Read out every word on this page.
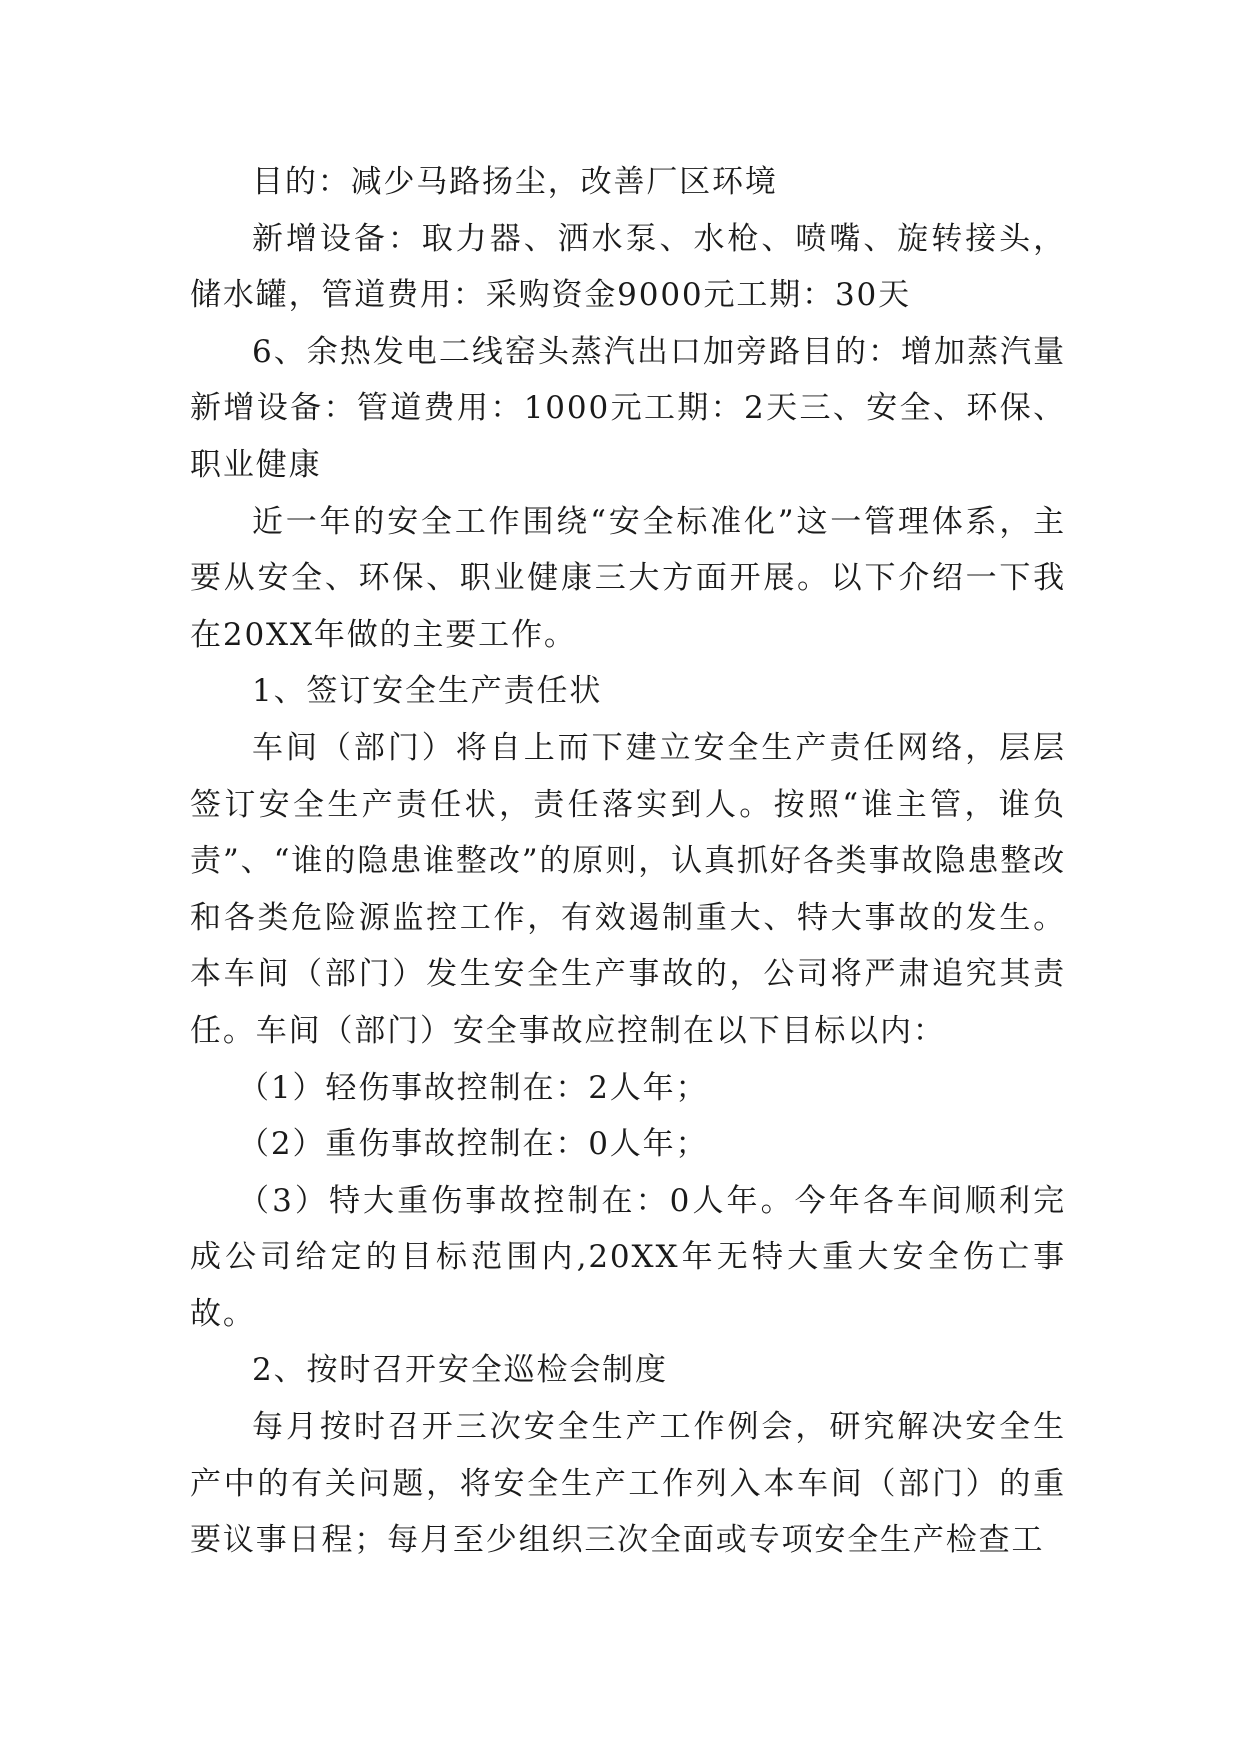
目的：减少马路扬尘，改善厂区环境

新增设备：取力器、洒水泵、水枪、喷嘴、旋转接头，储水罐，管道费用：采购资金9000元工期：30天

6、余热发电二线窑头蒸汽出口加旁路目的：增加蒸汽量新增设备：管道费用：1000元工期：2天三、安全、环保、职业健康

近一年的安全工作围绕“安全标准化”这一管理体系，主要从安全、环保、职业健康三大方面开展。以下介绍一下我在20XX年做的主要工作。

1、签订安全生产责任状

车间（部门）将自上而下建立安全生产责任网络，层层签订安全生产责任状，责任落实到人。按照“谁主管，谁负责”、“谁的隐患谁整改”的原则，认真抓好各类事故隐患整改和各类危险源监控工作，有效遏制重大、特大事故的发生。本车间（部门）发生安全生产事故的，公司将严肃追究其责任。车间（部门）安全事故应控制在以下目标以内：

（1）轻伤事故控制在：2人年；

（2）重伤事故控制在：0人年；

（3）特大重伤事故控制在：0人年。今年各车间顺利完成公司给定的目标范围内,20XX年无特大重大安全伤亡事故。

2、按时召开安全巡检会制度

每月按时召开三次安全生产工作例会，研究解决安全生产中的有关问题，将安全生产工作列入本车间（部门）的重要议事日程；每月至少组织三次全面或专项安全生产检查工
